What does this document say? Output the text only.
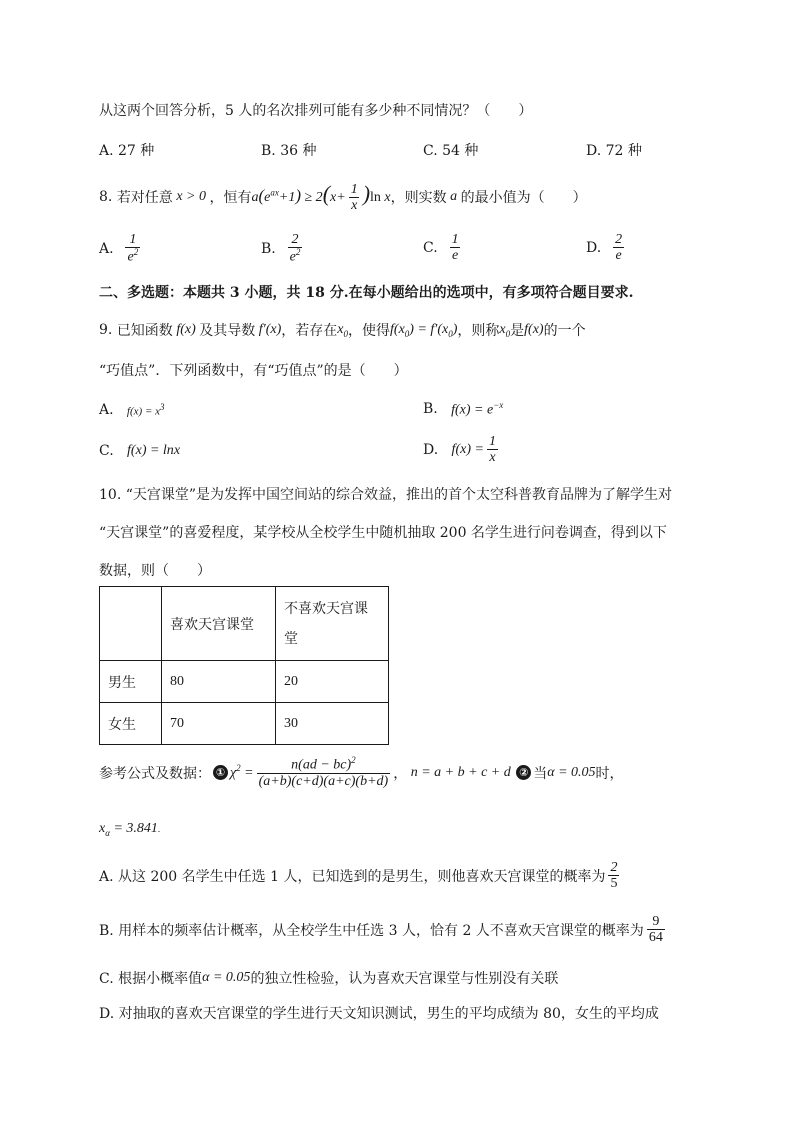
从这两个回答分析，5 人的名次排列可能有多少种不同情况？（　　）
A. 27 种	B. 36 种	C. 54 种	D. 72 种
8.
若对任意 x > 0 ，恒有 $a(e^{ax}+1) \ge 2(x+ \frac{1}{x} )\ln$ x ，则实数 a 的最小值为（　　）
A.
$\frac{1}{e^2}$	B.
$\frac{2}{e^2}$	C.
$\frac{1}{e}$	D.
$\frac{2}{e}$
二、多选题：本题共 3 小题，共 18 分.在每小题给出的选项中，有多项符合题目要求.
9.
已知函数 f(x) 及其导数 f′(x) ，若存在 $x_0$ ，使得 $f(x_0) = f'(x_0)$ ，则称 $x_0$ 是 f(x) 的一个
“巧值点”．下列函数中，有“巧值点”的是（　　）
A.
$f(x) = x^3$	B.
$f(x) = e^{-x}$
C.
f(x) = lnx	D.
$f(x) = \frac{1}{x}$
10. “天宫课堂”是为发挥中国空间站的综合效益，推出的首个太空科普教育品牌为了解学生对
“天宫课堂”的喜爱程度，某学校从全校学生中随机抽取 200 名学生进行问卷调查，得到以下
数据，则（　　）
	喜欢天宫课堂	不喜欢天宫课
堂
男生	80	20
女生	70	30
参考公式及数据： ① $\chi^2 = \frac{n(ad - bc)^2}{(a+b)(c+d)(a+c)(b+d)}$ ， n = a + b + c + d ② 当 α = 0.05 时，
$x_\alpha = 3.841$.
A. 从这 200 名学生中任选 1 人，已知选到的是男生，则他喜欢天宫课堂的概率为 $\frac{2}{5}$
B. 用样本的频率估计概率，从全校学生中任选 3 人，恰有 2 人不喜欢天宫课堂的概率为 $\frac{9}{64}$
C. 根据小概率值 α = 0.05 的独立性检验，认为喜欢天宫课堂与性别没有关联
D. 对抽取的喜欢天宫课堂的学生进行天文知识测试，男生的平均成绩为 80，女生的平均成
